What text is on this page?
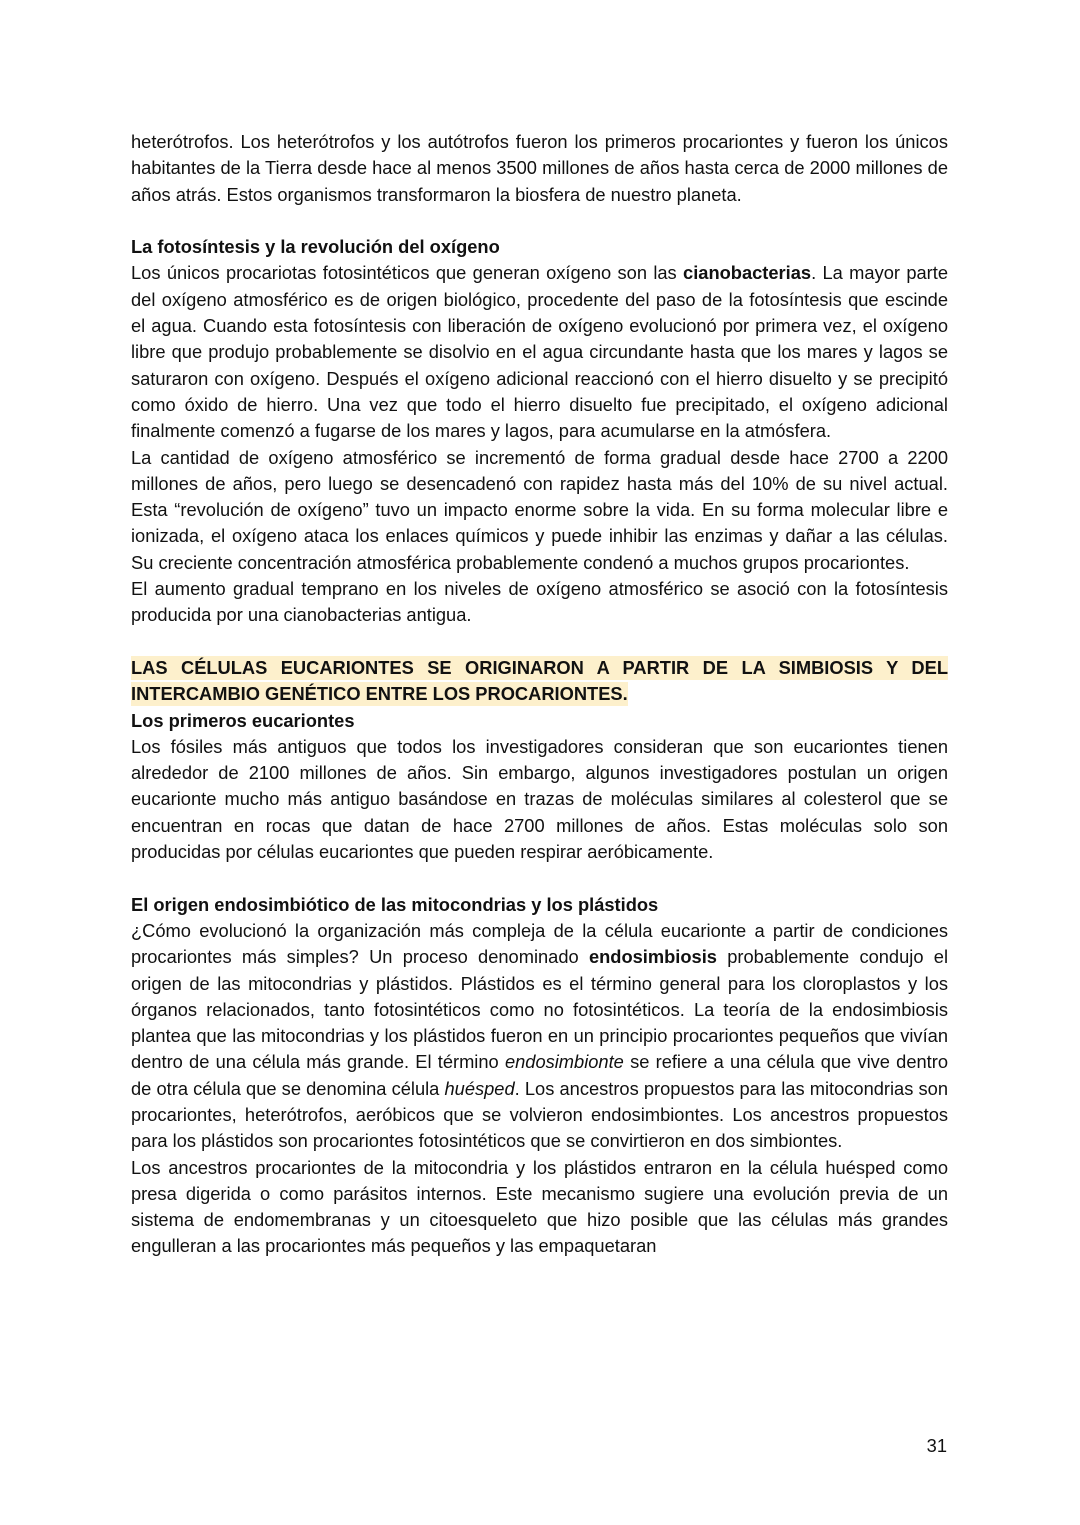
heterótrofos. Los heterótrofos y los autótrofos fueron los primeros procariontes y fueron los únicos habitantes de la Tierra desde hace al menos 3500 millones de años hasta cerca de 2000 millones de años atrás. Estos organismos transformaron la biosfera de nuestro planeta.

La fotosíntesis y la revolución del oxígeno

Los únicos procariotas fotosintéticos que generan oxígeno son las cianobacterias. La mayor parte del oxígeno atmosférico es de origen biológico, procedente del paso de la fotosíntesis que escinde el agua. Cuando esta fotosíntesis con liberación de oxígeno evolucionó por primera vez, el oxígeno libre que produjo probablemente se disolvio en el agua circundante hasta que los mares y lagos se saturaron con oxígeno. Después el oxígeno adicional reaccionó con el hierro disuelto y se precipitó como óxido de hierro. Una vez que todo el hierro disuelto fue precipitado, el oxígeno adicional finalmente comenzó a fugarse de los mares y lagos, para acumularse en la atmósfera.

La cantidad de oxígeno atmosférico se incrementó de forma gradual desde hace 2700 a 2200 millones de años, pero luego se desencadenó con rapidez hasta más del 10% de su nivel actual. Esta “revolución de oxígeno” tuvo un impacto enorme sobre la vida. En su forma molecular libre e ionizada, el oxígeno ataca los enlaces químicos y puede inhibir las enzimas y dañar a las células. Su creciente concentración atmosférica probablemente condenó a muchos grupos procariontes.

El aumento gradual temprano en los niveles de oxígeno atmosférico se asoció con la fotosíntesis producida por una cianobacterias antigua.

LAS CÉLULAS EUCARIONTES SE ORIGINARON A PARTIR DE LA SIMBIOSIS Y DEL INTERCAMBIO GENÉTICO ENTRE LOS PROCARIONTES.

Los primeros eucariontes

Los fósiles más antiguos que todos los investigadores consideran que son eucariontes tienen alrededor de 2100 millones de años. Sin embargo, algunos investigadores postulan un origen eucarionte mucho más antiguo basándose en trazas de moléculas similares al colesterol que se encuentran en rocas que datan de hace 2700 millones de años. Estas moléculas solo son producidas por células eucariontes que pueden respirar aeróbicamente.

El origen endosimbiótico de las mitocondrias y los plástidos

¿Cómo evolucionó la organización más compleja de la célula eucarionte a partir de condiciones procariontes más simples? Un proceso denominado endosimbiosis probablemente condujo el origen de las mitocondrias y plástidos. Plástidos es el término general para los cloroplastos y los órganos relacionados, tanto fotosintéticos como no fotosintéticos. La teoría de la endosimbiosis plantea que las mitocondrias y los plástidos fueron en un principio procariontes pequeños que vivían dentro de una célula más grande. El término endosimbionte se refiere a una célula que vive dentro de otra célula que se denomina célula huésped. Los ancestros propuestos para las mitocondrias son procariontes, heterótrofos, aeróbicos que se volvieron endosimbiontes. Los ancestros propuestos para los plástidos son procariontes fotosintéticos que se convirtieron en dos simbiontes.

Los ancestros procariontes de la mitocondria y los plástidos entraron en la célula huésped como presa digerida o como parásitos internos. Este mecanismo sugiere una evolución previa de un sistema de endomembranas y un citoesqueleto que hizo posible que las células más grandes engulleran a las procariontes más pequeños y las empaquetaran

31
